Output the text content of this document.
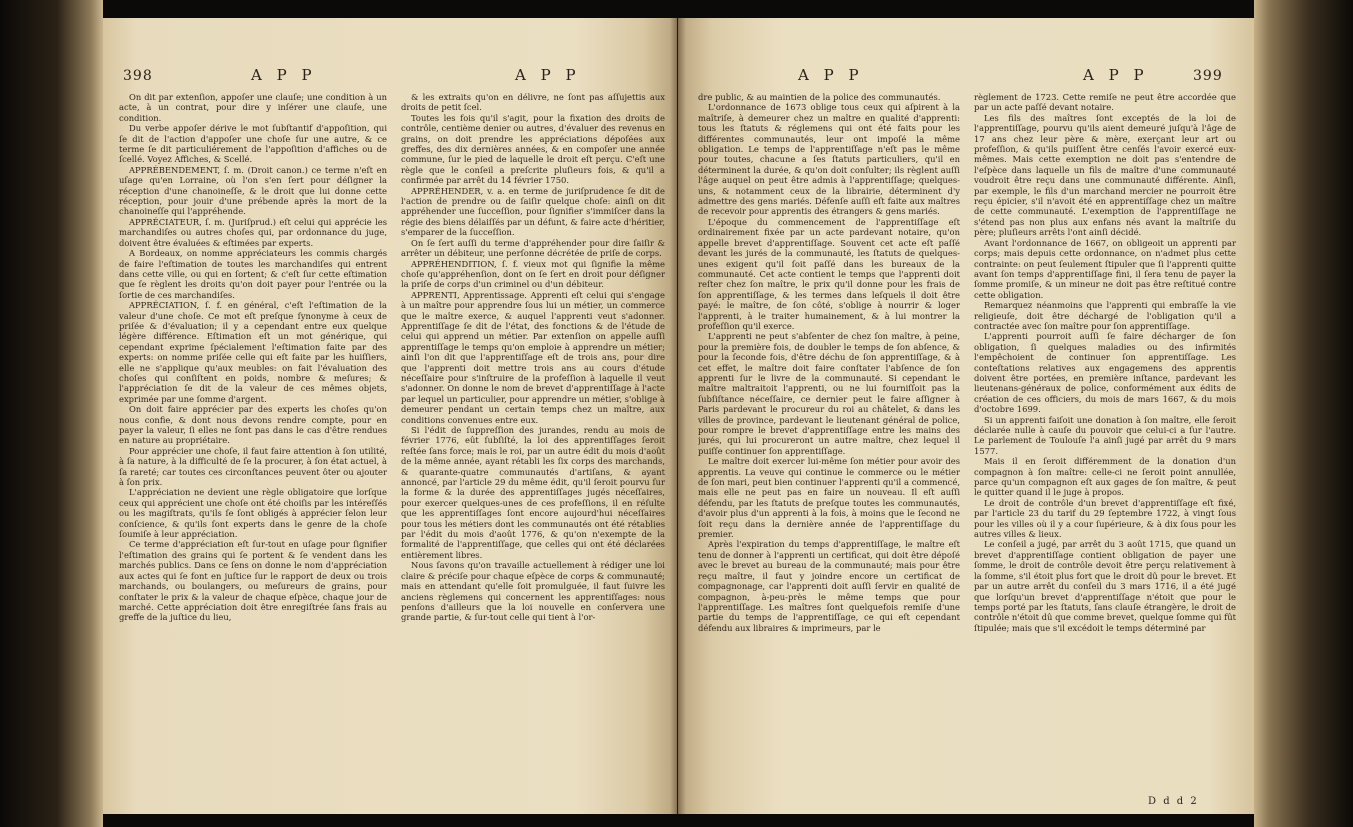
398	A P P	A P P

On dit par extenſion, appoſer une clauſe; une condition à un acte, à un contrat, pour dire y inſérer une clauſe, une condition.

Du verbe appoſer dérive le mot ſubſtantif d'appoſition, qui ſe dit de l'action d'appoſer une choſe ſur une autre, & ce terme ſe dit particuliérement de l'appoſition d'affiches ou de ſcellé. Voyez Affiches, & Scellé.

APPRÉBENDEMENT, ſ. m. (Droit canon.) ce terme n'eſt en uſage qu'en Lorraine, où l'on s'en ſert pour déſigner la réception d'une chanoineſſe, & le droit que lui donne cette réception, pour jouir d'une prébende après la mort de la chanoineſſe qui l'appréhende.

APPRÉCIATEUR, ſ. m. (Juriſprud.) eſt celui qui apprécie les marchandiſes ou autres choſes qui, par ordonnance du juge, doivent être évaluées & eſtimées par experts.

A Bordeaux, on nomme appréciateurs les commis chargés de faire l'eſtimation de toutes les marchandiſes qui entrent dans cette ville, ou qui en ſortent; & c'eſt ſur cette eſtimation que ſe règlent les droits qu'on doit payer pour l'entrée ou la ſortie de ces marchandiſes.

APPRÉCIATION, ſ. f. en général, c'eſt l'eſtimation de la valeur d'une choſe. Ce mot eſt preſque ſynonyme à ceux de priſée & d'évaluation; il y a cependant entre eux quelque légère différence. Eſtimation eſt un mot générique, qui cependant exprime ſpécialement l'eſtimation faite par des experts: on nomme priſée celle qui eſt faite par les huiſſiers, elle ne s'applique qu'aux meubles: on fait l'évaluation des choſes qui conſiſtent en poids, nombre & meſures; & l'appréciation ſe dit de la valeur de ces mêmes objets, exprimée par une ſomme d'argent.

On doit faire apprécier par des experts les choſes qu'on nous confie, & dont nous devons rendre compte, pour en payer la valeur, ſi elles ne ſont pas dans le cas d'être rendues en nature au propriétaire.

Pour apprécier une choſe, il faut faire attention à ſon utilité, à ſa nature, à la difficulté de ſe la procurer, à ſon état actuel, à ſa rareté; car toutes ces circonſtances peuvent ôter ou ajouter à ſon prix.

L'appréciation ne devient une règle obligatoire que lorſque ceux qui apprécient une choſe ont été choiſis par les intéreſſés ou les magiſtrats, qu'ils ſe ſont obligés à apprécier ſelon leur conſcience, & qu'ils ſont experts dans le genre de la choſe ſoumiſe à leur appréciation.

Ce terme d'appréciation eſt ſur-tout en uſage pour ſignifier l'eſtimation des grains qui ſe portent & ſe vendent dans les marchés publics. Dans ce ſens on donne le nom d'appréciation aux actes qui ſe font en juſtice ſur le rapport de deux ou trois marchands, ou boulangers, ou meſureurs de grains, pour conſtater le prix & la valeur de chaque eſpèce, chaque jour de marché. Cette appréciation doit être enregiſtrée ſans frais au greffe de la juſtice du lieu,

& les extraits qu'on en délivre, ne ſont pas aſſujettis aux droits de petit ſcel.

Toutes les fois qu'il s'agit, pour la fixation des droits de contrôle, centième denier ou autres, d'évaluer des revenus en grains, on doit prendre les appréciations dépoſées aux greffes, des dix dernières années, & en compoſer une année commune, ſur le pied de laquelle le droit eſt perçu. C'eſt une règle que le conſeil a preſcrite pluſieurs fois, & qu'il a confirmée par arrêt du 14 février 1750.

APPRÉHENDER, v. a. en terme de juriſprudence ſe dit de l'action de prendre ou de ſaiſir quelque choſe: ainſi on dit appréhender une ſucceſſion, pour ſignifier s'immiſcer dans la régie des biens délaiſſés par un défunt, & faire acte d'héritier, s'emparer de la ſucceſſion.

On ſe ſert auſſi du terme d'appréhender pour dire ſaiſir & arrêter un débiteur, une perſonne décrétée de priſe de corps.

APPRÉHENDITION, ſ. f. vieux mot qui ſignifie la même choſe qu'appréhenſion, dont on ſe ſert en droit pour déſigner la priſe de corps d'un criminel ou d'un débiteur.

APPRENTI, Apprentissage. Apprenti eſt celui qui s'engage à un maître pour apprendre ſous lui un métier, un commerce que le maître exerce, & auquel l'apprenti veut s'adonner. Apprentiſſage ſe dit de l'état, des fonctions & de l'étude de celui qui apprend un métier. Par extenſion on appelle auſſi apprentiſſage le temps qu'on emploie à apprendre un métier; ainſi l'on dit que l'apprentiſſage eſt de trois ans, pour dire que l'apprenti doit mettre trois ans au cours d'étude néceſſaire pour s'inſtruire de la profeſſion à laquelle il veut s'adonner. On donne le nom de brevet d'apprentiſſage à l'acte par lequel un particulier, pour apprendre un métier, s'oblige à demeurer pendant un certain temps chez un maître, aux conditions convenues entre eux.

Si l'édit de ſuppreſſion des jurandes, rendu au mois de février 1776, eût ſubſiſté, la loi des apprentiſſages ſeroit reſtée ſans force; mais le roi, par un autre édit du mois d'août de la même année, ayant rétabli les ſix corps des marchands, & quarante-quatre communautés d'artiſans, & ayant annoncé, par l'article 29 du même édit, qu'il ſeroit pourvu ſur la forme & la durée des apprentiſſages jugés néceſſaires, pour exercer quelques-unes de ces profeſſions, il en réſulte que les apprentiſſages ſont encore aujourd'hui néceſſaires pour tous les métiers dont les communautés ont été rétablies par l'édit du mois d'août 1776, & qu'on n'exempte de la formalité de l'apprentiſſage, que celles qui ont été déclarées entièrement libres.

Nous ſavons qu'on travaille actuellement à rédiger une loi claire & préciſe pour chaque eſpèce de corps & communauté; mais en attendant qu'elle ſoit promulguée, il faut ſuivre les anciens règlemens qui concernent les apprentiſſages: nous penſons d'ailleurs que la loi nouvelle en conſervera une grande partie, & ſur-tout celle qui tient à l'or-

A P P	A P P	399

dre public, & au maintien de la police des communautés.

L'ordonnance de 1673 oblige tous ceux qui aſpirent à la maîtriſe, à demeurer chez un maître en qualité d'apprenti: tous les ſtatuts & réglemens qui ont été faits pour les différentes communautés, leur ont impoſé la même obligation. Le temps de l'apprentiſſage n'eſt pas le même pour toutes, chacune a ſes ſtatuts particuliers, qu'il en déterminent la durée, & qu'on doit conſulter; ils règlent auſſi l'âge auquel on peut être admis à l'apprentiſſage; quelques-uns, & notamment ceux de la librairie, déterminent d'y admettre des gens mariés. Défenſe auſſi eſt faite aux maîtres de recevoir pour apprentis des étrangers & gens mariés.

L'époque du commencement de l'apprentiſſage eſt ordinairement fixée par un acte pardevant notaire, qu'on appelle brevet d'apprentiſſage. Souvent cet acte eſt paſſé devant les jurés de la communauté, les ſtatuts de quelques-unes exigent qu'il ſoit paſſé dans les bureaux de la communauté. Cet acte contient le temps que l'apprenti doit reſter chez ſon maître, le prix qu'il donne pour les frais de ſon apprentiſſage, & les termes dans leſquels il doit être payé: le maître, de ſon côté, s'oblige à nourrir & loger l'apprenti, à le traiter humainement, & à lui montrer la profeſſion qu'il exerce.

L'apprenti ne peut s'abſenter de chez ſon maître, à peine, pour la première fois, de doubler le temps de ſon abſence, & pour la ſeconde fois, d'être déchu de ſon apprentiſſage, & à cet effet, le maître doit faire conſtater l'abſence de ſon apprenti ſur le livre de la communauté. Si cependant le maître maltraitoit l'apprenti, ou ne lui fourniſſoit pas la ſubſiſtance néceſſaire, ce dernier peut le faire aſſigner à Paris pardevant le procureur du roi au châtelet, & dans les villes de province, pardevant le lieutenant général de police, pour rompre le brevet d'apprentiſſage entre les mains des jurés, qui lui procureront un autre maître, chez lequel il puiſſe continuer ſon apprentiſſage.

Le maître doit exercer lui-même ſon métier pour avoir des apprentis. La veuve qui continue le commerce ou le métier de ſon mari, peut bien continuer l'apprenti qu'il a commencé, mais elle ne peut pas en faire un nouveau. Il eſt auſſi défendu, par les ſtatuts de preſque toutes les communautés, d'avoir plus d'un apprenti à la fois, à moins que le ſecond ne ſoit reçu dans la dernière année de l'apprentiſſage du premier.

Après l'expiration du temps d'apprentiſſage, le maître eſt tenu de donner à l'apprenti un certificat, qui doit être dépoſé avec le brevet au bureau de la communauté; mais pour être reçu maître, il faut y joindre encore un certificat de compagnonage, car l'apprenti doit auſſi ſervir en qualité de compagnon, à-peu-près le même temps que pour l'apprentiſſage. Les maîtres ſont quelquefois remiſe d'une partie du temps de l'apprentiſſage, ce qui eſt cependant défendu aux libraires & imprimeurs, par le

règlement de 1723. Cette remiſe ne peut être accordée que par un acte paſſé devant notaire.

Les fils des maîtres ſont exceptés de la loi de l'apprentiſſage, pourvu qu'ils aient demeuré juſqu'à l'âge de 17 ans chez leur père & mère, exerçant leur art ou profeſſion, & qu'ils puiſſent être cenſés l'avoir exercé eux-mêmes. Mais cette exemption ne doit pas s'entendre de l'eſpèce dans laquelle un fils de maître d'une communauté voudroit être reçu dans une communauté différente. Ainſi, par exemple, le fils d'un marchand mercier ne pourroit être reçu épicier, s'il n'avoit été en apprentiſſage chez un maître de cette communauté. L'exemption de l'apprentiſſage ne s'étend pas non plus aux enfans nés avant la maîtriſe du père; pluſieurs arrêts l'ont ainſi décidé.

Avant l'ordonnance de 1667, on obligeoit un apprenti par corps; mais depuis cette ordonnance, on n'admet plus cette contrainte: on peut ſeulement ſtipuler que ſi l'apprenti quitte avant ſon temps d'apprentiſſage fini, il ſera tenu de payer la ſomme promiſe, & un mineur ne doit pas être reſtitué contre cette obligation.

Remarquez néanmoins que l'apprenti qui embraſſe la vie religieuſe, doit être déchargé de l'obligation qu'il a contractée avec ſon maître pour ſon apprentiſſage.

L'apprenti pourroit auſſi ſe faire décharger de ſon obligation, ſi quelques maladies ou des infirmités l'empêchoient de continuer ſon apprentiſſage. Les conteſtations relatives aux engagemens des apprentis doivent être portées, en première inſtance, pardevant les lieutenans-généraux de police, conformément aux édits de création de ces officiers, du mois de mars 1667, & du mois d'octobre 1699.

Si un apprenti faiſoit une donation à ſon maître, elle ſeroit déclarée nulle à cauſe du pouvoir que celui-ci a ſur l'autre. Le parlement de Toulouſe l'a ainſi jugé par arrêt du 9 mars 1577.

Mais il en ſeroit différemment de la donation d'un compagnon à ſon maître: celle-ci ne ſeroit point annullée, parce qu'un compagnon eſt aux gages de ſon maître, & peut le quitter quand il le juge à propos.

Le droit de contrôle d'un brevet d'apprentiſſage eſt fixé, par l'article 23 du tarif du 29 ſeptembre 1722, à vingt ſous pour les villes où il y a cour ſupérieure, & à dix ſous pour les autres villes & lieux.

Le conſeil a jugé, par arrêt du 3 août 1715, que quand un brevet d'apprentiſſage contient obligation de payer une ſomme, le droit de contrôle devoit être perçu relativement à la ſomme, s'il étoit plus fort que le droit dû pour le brevet. Et par un autre arrêt du conſeil du 3 mars 1716, il a été jugé que lorſqu'un brevet d'apprentiſſage n'étoit que pour le temps porté par les ſtatuts, ſans clauſe étrangère, le droit de contrôle n'étoit dû que comme brevet, quelque ſomme qui fût ſtipulée; mais que s'il excédoit le temps déterminé par

D d d 2
